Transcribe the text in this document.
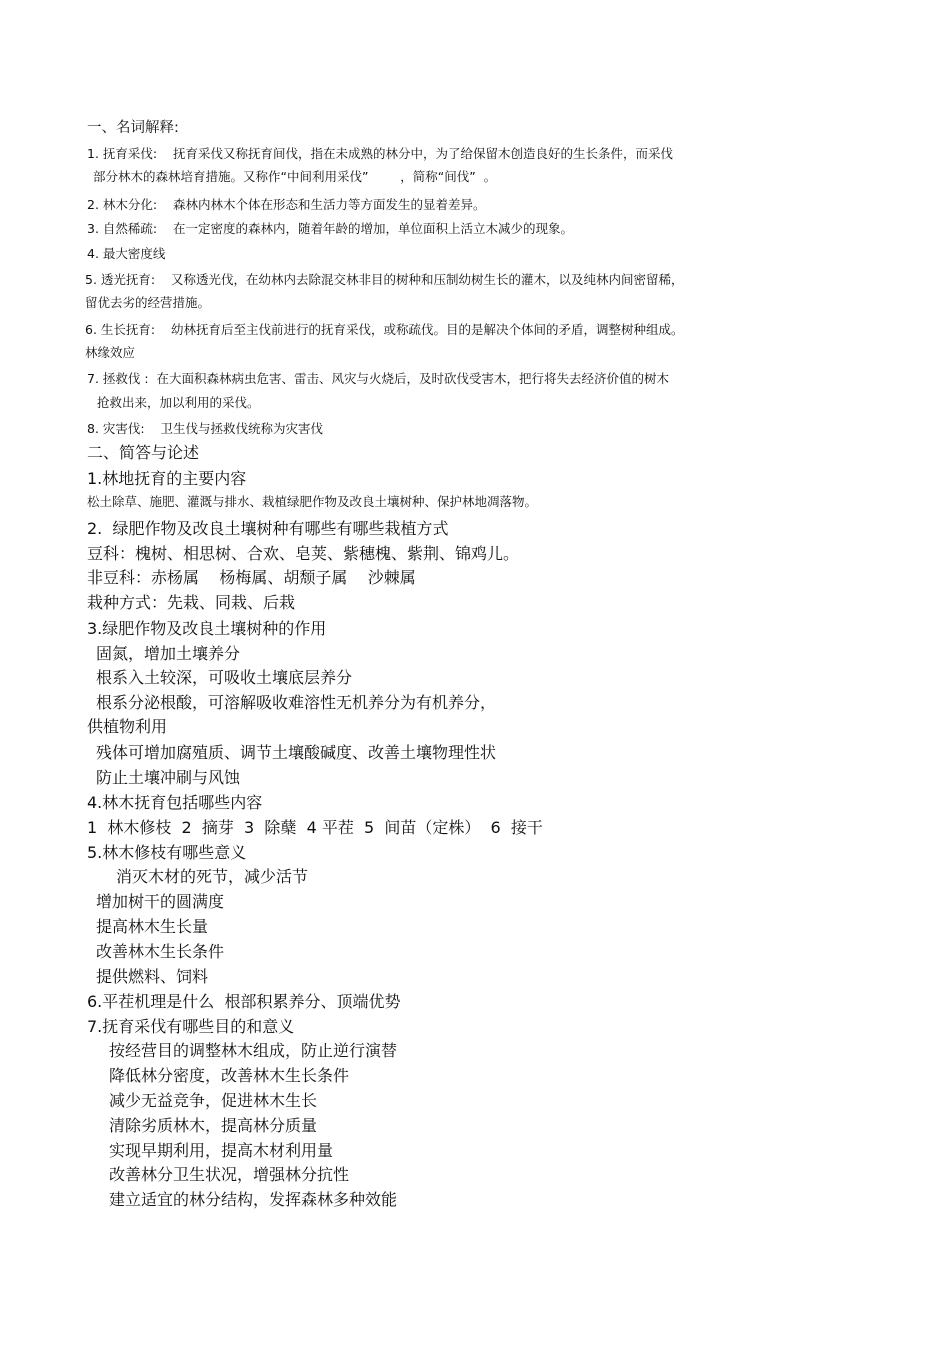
一、名词解释:
1. 抚育采伐:    抚育采伐又称抚育间伐，指在未成熟的林分中，为了给保留木创造良好的生长条件，而采伐
部分林木的森林培育措施。又称作“中间利用采伐”        ，简称“间伐”  。
2. 林木分化:    森林内林木个体在形态和生活力等方面发生的显着差异。
3. 自然稀疏:    在一定密度的森林内，随着年龄的增加，单位面积上活立木减少的现象。
4. 最大密度线
5. 透光抚育:    又称透光伐，在幼林内去除混交林非目的树种和压制幼树生长的灌木，以及纯林内间密留稀，
留优去劣的经营措施。
6. 生长抚育:    幼林抚育后至主伐前进行的抚育采伐，或称疏伐。目的是解决个体间的矛盾，调整树种组成。
林缘效应
7. 拯救伐 :  在大面积森林病虫危害、雷击、风灾与火烧后，及时砍伐受害木，把行将失去经济价值的树木
抢救出来，加以利用的采伐。
8. 灾害伐:    卫生伐与拯救伐统称为灾害伐
二、简答与论述
1.林地抚育的主要内容
松土除草、施肥、灌溉与排水、栽植绿肥作物及改良土壤树种、保护林地凋落物。
2.  绿肥作物及改良土壤树种有哪些有哪些栽植方式
豆科：槐树、相思树、合欢、皂荚、紫穗槐、紫荆、锦鸡儿。
非豆科：赤杨属    杨梅属、胡颓子属    沙棘属
栽种方式：先栽、同栽、后栽
3.绿肥作物及改良土壤树种的作用
固氮，增加土壤养分
根系入土较深，可吸收土壤底层养分
根系分泌根酸，可溶解吸收难溶性无机养分为有机养分，
供植物利用
残体可增加腐殖质、调节土壤酸碱度、改善土壤物理性状
防止土壤冲刷与风蚀
4.林木抚育包括哪些内容
1  林木修枝  2  摘芽  3  除蘖  4 平茬  5  间苗（定株）  6  接干
5.林木修枝有哪些意义
消灭木材的死节，减少活节
增加树干的圆满度
提高林木生长量
改善林木生长条件
提供燃料、饲料
6.平茬机理是什么  根部积累养分、顶端优势
7.抚育采伐有哪些目的和意义
按经营目的调整林木组成，防止逆行演替
降低林分密度，改善林木生长条件
减少无益竞争，促进林木生长
清除劣质林木，提高林分质量
实现早期利用，提高木材利用量
改善林分卫生状况，增强林分抗性
建立适宜的林分结构，发挥森林多种效能
